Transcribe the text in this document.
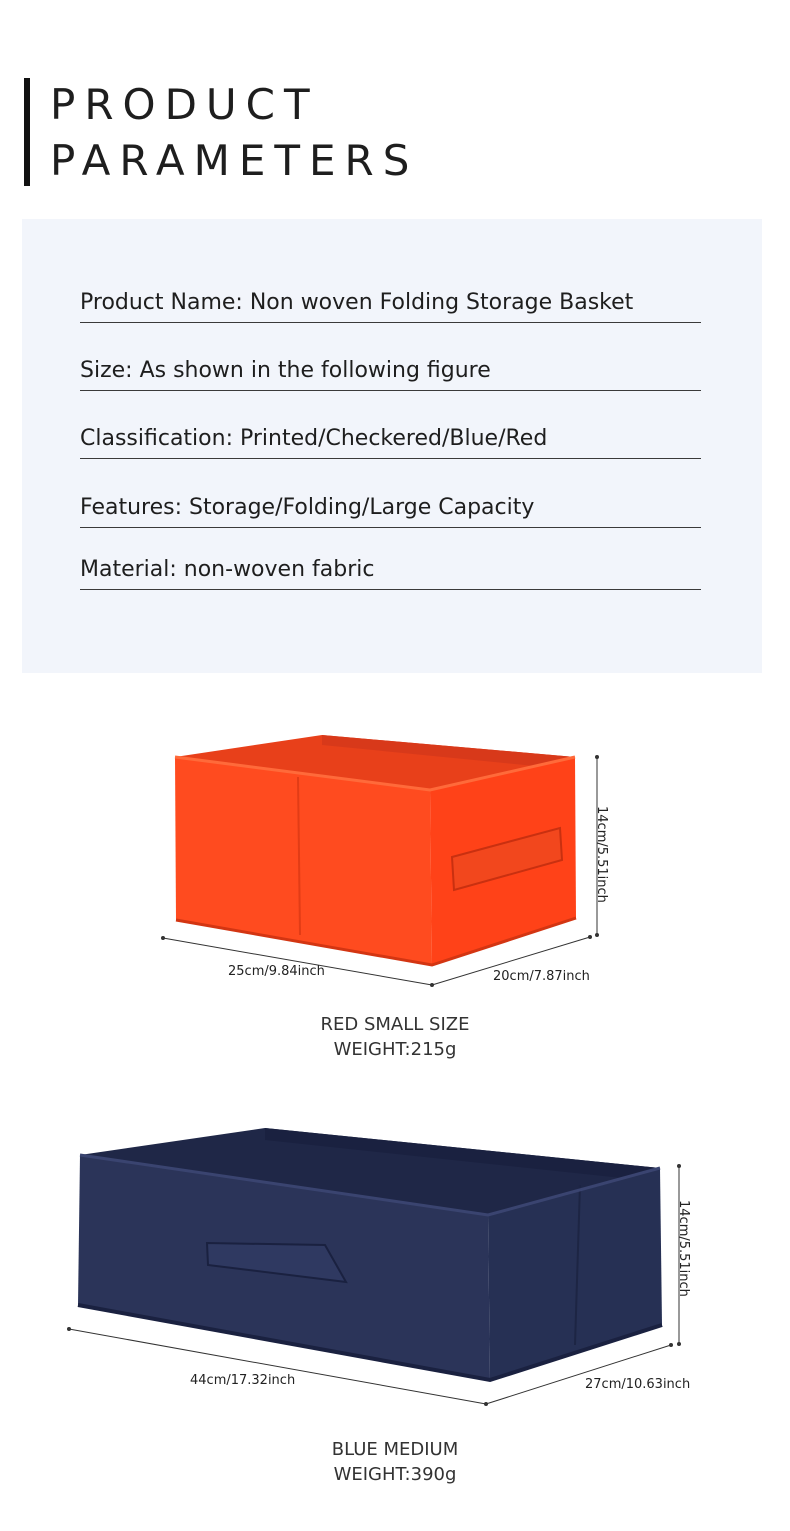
PRODUCT
PARAMETERS
Product Name: Non woven Folding Storage Basket
Size: As shown in the following figure
Classification: Printed/Checkered/Blue/Red
Features: Storage/Folding/Large Capacity
Material: non-woven fabric
14cm/5.51inch
25cm/9.84inch	20cm/7.87inch
RED SMALL SIZE
WEIGHT:215g
14cm/5.51inch
44cm/17.32inch	27cm/10.63inch
BLUE MEDIUM
WEIGHT:390g
